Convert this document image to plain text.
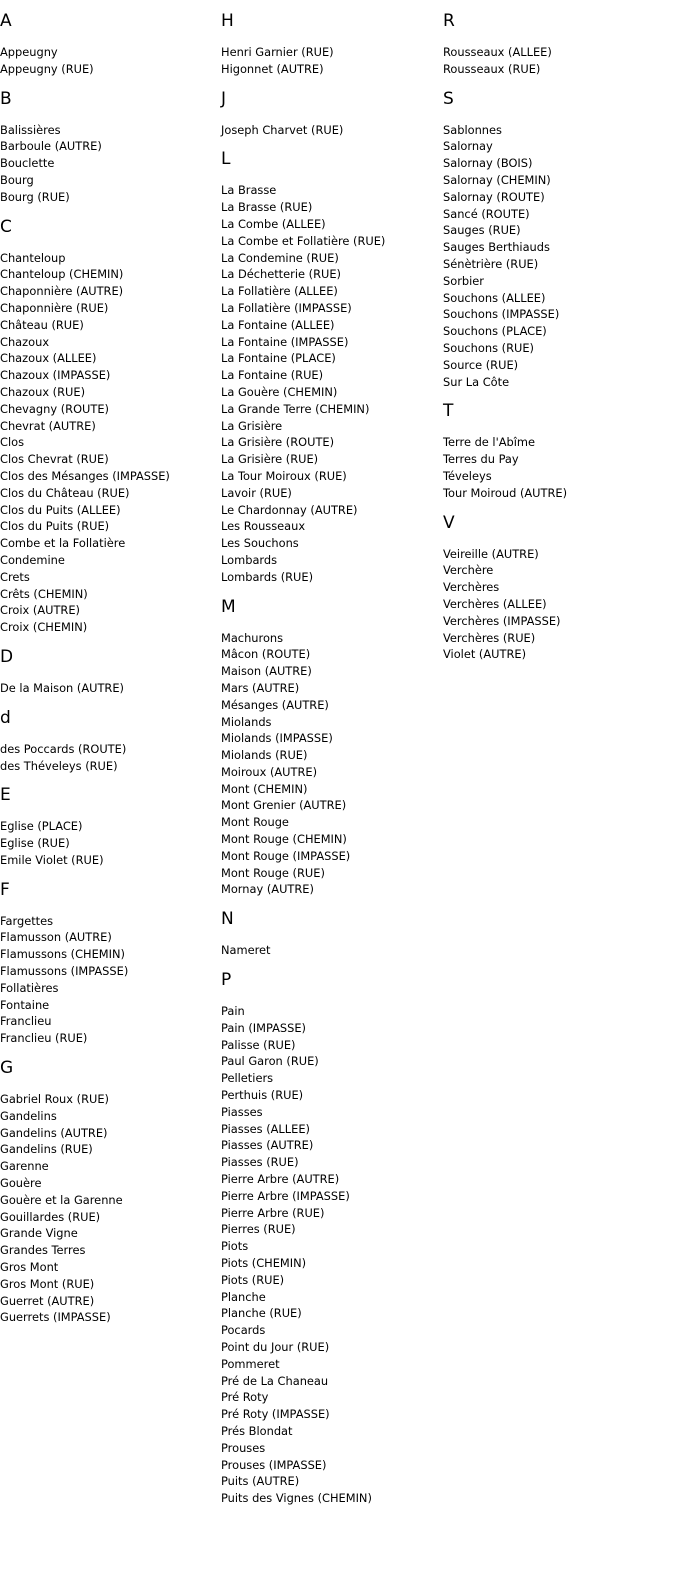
A
Appeugny
Appeugny (RUE)
B
Balissières
Barboule (AUTRE)
Bouclette
Bourg
Bourg (RUE)
C
Chanteloup
Chanteloup (CHEMIN)
Chaponnière (AUTRE)
Chaponnière (RUE)
Château (RUE)
Chazoux
Chazoux (ALLEE)
Chazoux (IMPASSE)
Chazoux (RUE)
Chevagny (ROUTE)
Chevrat (AUTRE)
Clos
Clos Chevrat (RUE)
Clos des Mésanges (IMPASSE)
Clos du Château (RUE)
Clos du Puits (ALLEE)
Clos du Puits (RUE)
Combe et la Follatière
Condemine
Crets
Crêts (CHEMIN)
Croix (AUTRE)
Croix (CHEMIN)
D
De la Maison (AUTRE)
d
des Poccards (ROUTE)
des Théveleys (RUE)
E
Eglise (PLACE)
Eglise (RUE)
Emile Violet (RUE)
F
Fargettes
Flamusson (AUTRE)
Flamussons (CHEMIN)
Flamussons (IMPASSE)
Follatières
Fontaine
Franclieu
Franclieu (RUE)
G
Gabriel Roux (RUE)
Gandelins
Gandelins (AUTRE)
Gandelins (RUE)
Garenne
Gouère
Gouère et la Garenne
Gouillardes (RUE)
Grande Vigne
Grandes Terres
Gros Mont
Gros Mont (RUE)
Guerret (AUTRE)
Guerrets (IMPASSE)
H
Henri Garnier (RUE)
Higonnet (AUTRE)
J
Joseph Charvet (RUE)
L
La Brasse
La Brasse (RUE)
La Combe (ALLEE)
La Combe et Follatière (RUE)
La Condemine (RUE)
La Déchetterie (RUE)
La Follatière (ALLEE)
La Follatière (IMPASSE)
La Fontaine (ALLEE)
La Fontaine (IMPASSE)
La Fontaine (PLACE)
La Fontaine (RUE)
La Gouère (CHEMIN)
La Grande Terre (CHEMIN)
La Grisière
La Grisière (ROUTE)
La Grisière (RUE)
La Tour Moiroux (RUE)
Lavoir (RUE)
Le Chardonnay (AUTRE)
Les Rousseaux
Les Souchons
Lombards
Lombards (RUE)
M
Machurons
Mâcon (ROUTE)
Maison (AUTRE)
Mars (AUTRE)
Mésanges (AUTRE)
Miolands
Miolands (IMPASSE)
Miolands (RUE)
Moiroux (AUTRE)
Mont (CHEMIN)
Mont Grenier (AUTRE)
Mont Rouge
Mont Rouge (CHEMIN)
Mont Rouge (IMPASSE)
Mont Rouge (RUE)
Mornay (AUTRE)
N
Nameret
P
Pain
Pain (IMPASSE)
Palisse (RUE)
Paul Garon (RUE)
Pelletiers
Perthuis (RUE)
Piasses
Piasses (ALLEE)
Piasses (AUTRE)
Piasses (RUE)
Pierre Arbre (AUTRE)
Pierre Arbre (IMPASSE)
Pierre Arbre (RUE)
Pierres (RUE)
Piots
Piots (CHEMIN)
Piots (RUE)
Planche
Planche (RUE)
Pocards
Point du Jour (RUE)
Pommeret
Pré de La Chaneau
Pré Roty
Pré Roty (IMPASSE)
Prés Blondat
Prouses
Prouses (IMPASSE)
Puits (AUTRE)
Puits des Vignes (CHEMIN)
R
Rousseaux (ALLEE)
Rousseaux (RUE)
S
Sablonnes
Salornay
Salornay (BOIS)
Salornay (CHEMIN)
Salornay (ROUTE)
Sancé (ROUTE)
Sauges (RUE)
Sauges Berthiauds
Sénètrière (RUE)
Sorbier
Souchons (ALLEE)
Souchons (IMPASSE)
Souchons (PLACE)
Souchons (RUE)
Source (RUE)
Sur La Côte
T
Terre de l'Abîme
Terres du Pay
Téveleys
Tour Moiroud (AUTRE)
V
Veireille (AUTRE)
Verchère
Verchères
Verchères (ALLEE)
Verchères (IMPASSE)
Verchères (RUE)
Violet (AUTRE)
